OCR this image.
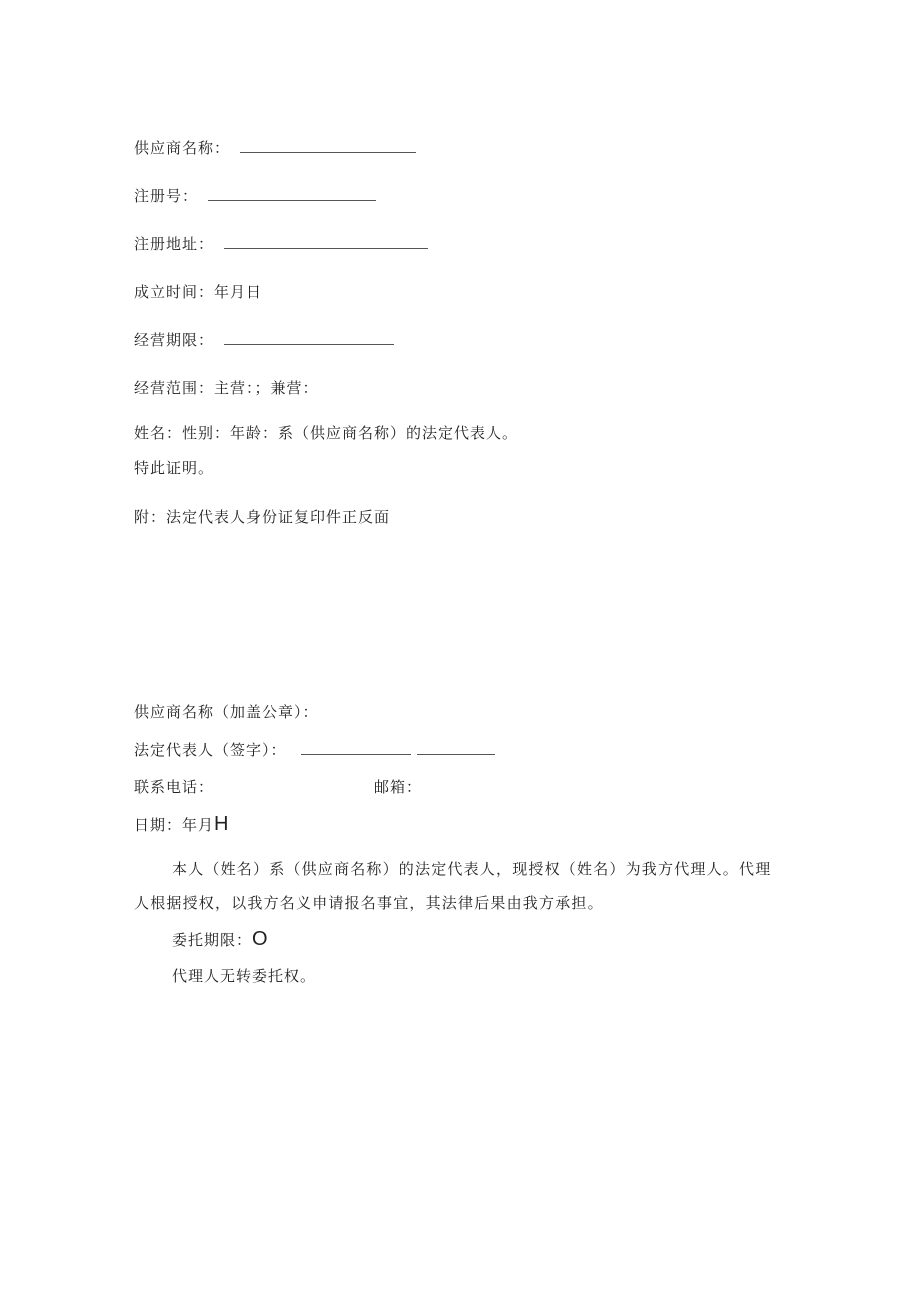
供应商名称：
注册号：
注册地址：
成立时间：年月日
经营期限：
经营范围：主营：；兼营：
姓名：性别：年龄：系（供应商名称）的法定代表人。
特此证明。
附：法定代表人身份证复印件正反面
供应商名称（加盖公章）：
法定代表人（签字）：
联系电话：	邮箱：
日期：年月H
本人（姓名）系（供应商名称）的法定代表人，现授权（姓名）为我方代理人。代理人根据授权，以我方名义申请报名事宜，其法律后果由我方承担。
委托期限：O
代理人无转委托权。
